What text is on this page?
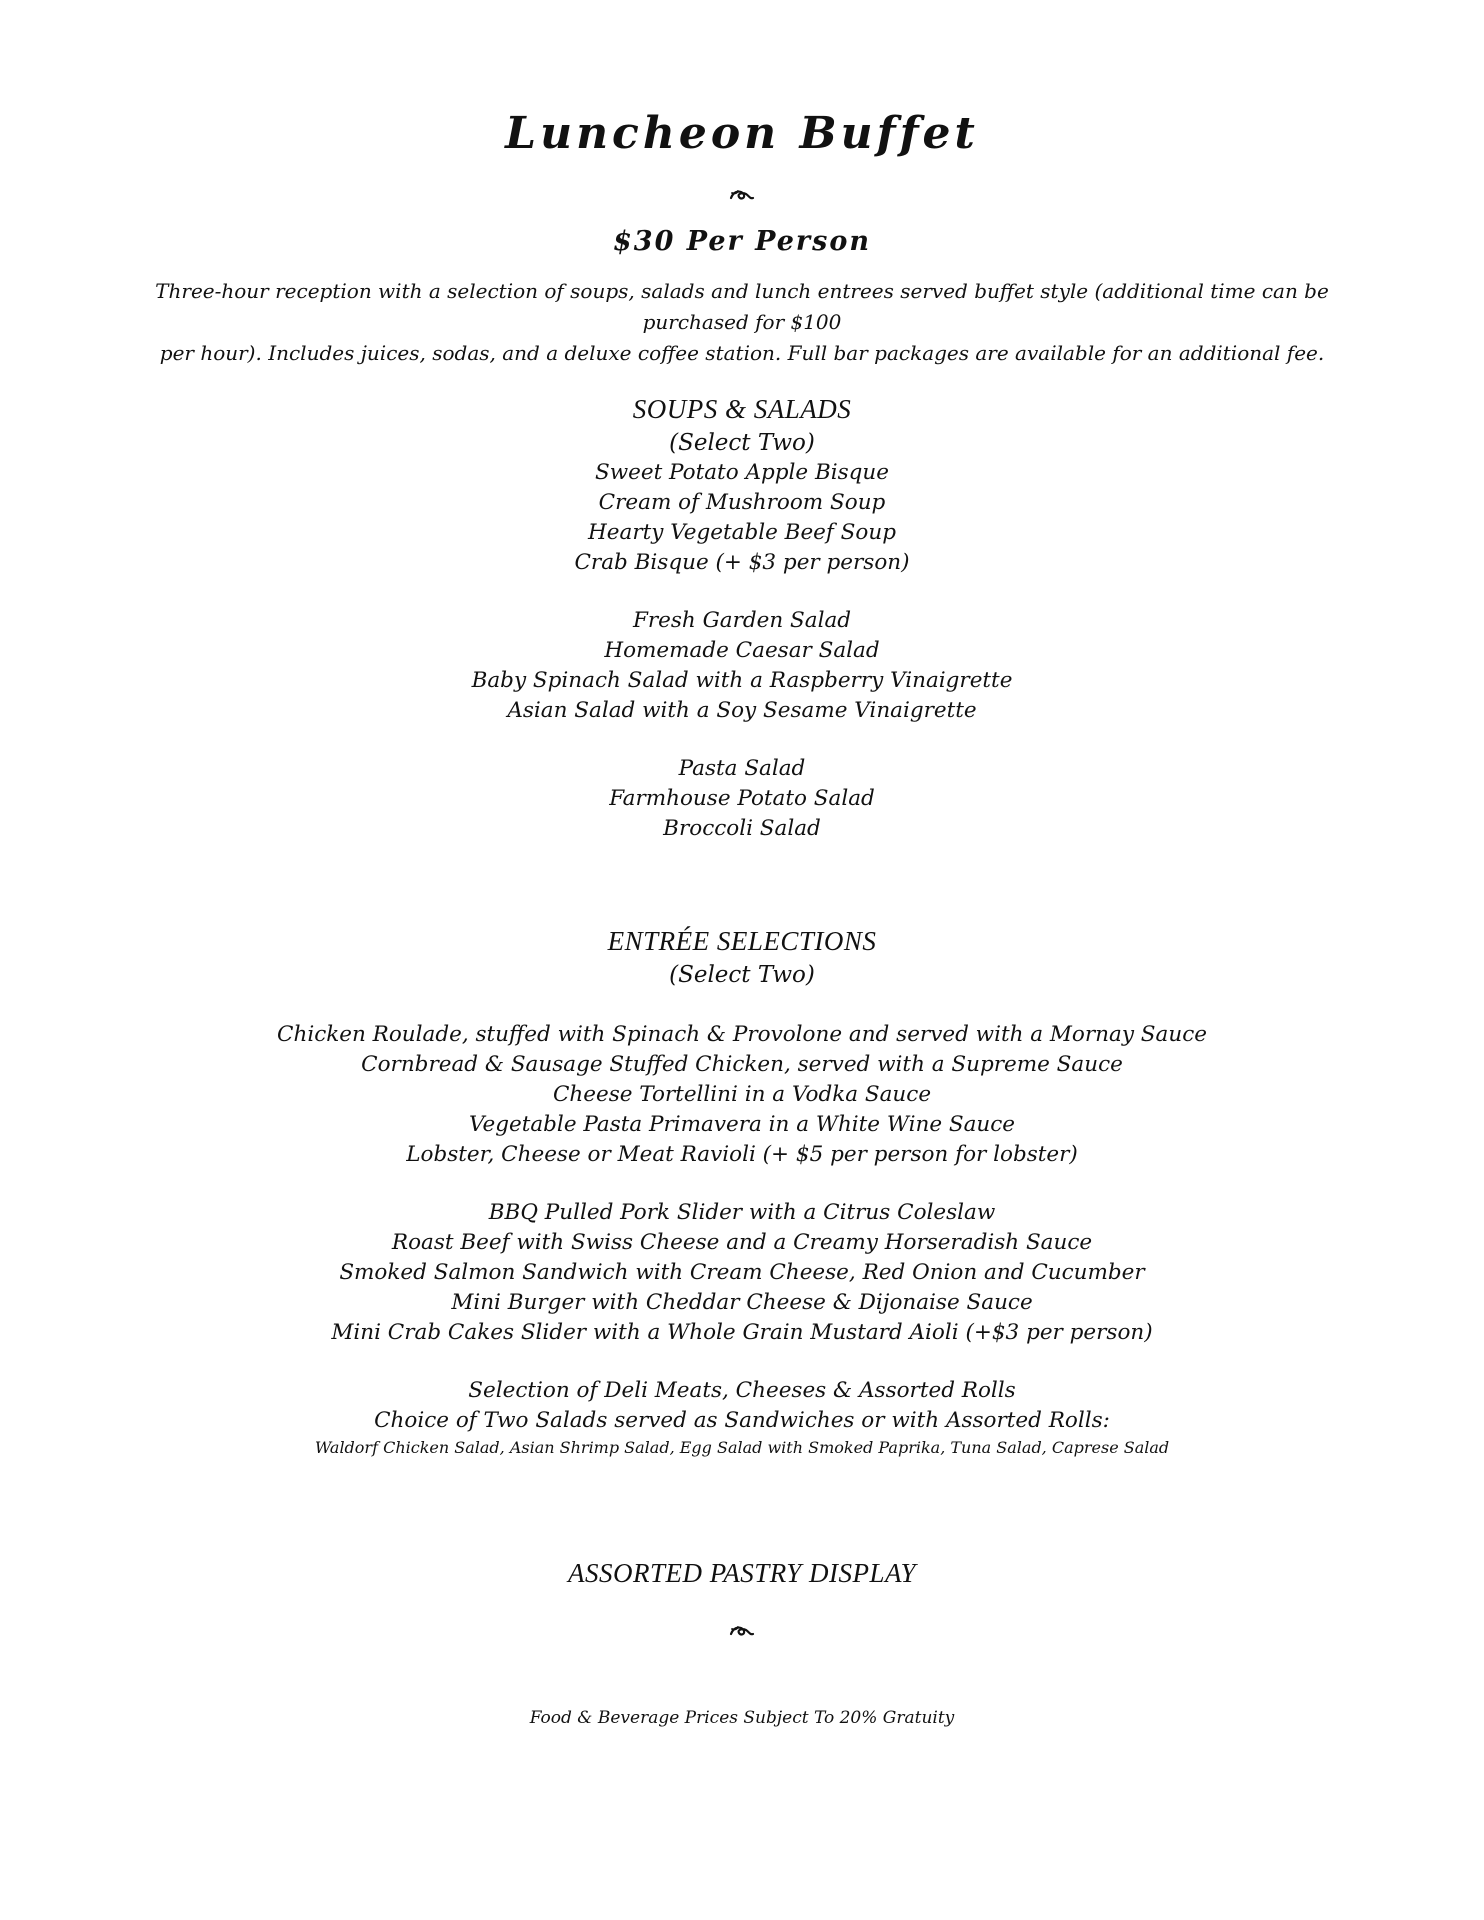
Luncheon Buffet
$30 Per Person
Three-hour reception with a selection of soups, salads and lunch entrees served buffet style (additional time can be purchased for $100
per hour). Includes juices, sodas, and a deluxe coffee station. Full bar packages are available for an additional fee.
SOUPS & SALADS
(Select Two)
Sweet Potato Apple Bisque
Cream of Mushroom Soup
Hearty Vegetable Beef Soup
Crab Bisque (+ $3 per person)
Fresh Garden Salad
Homemade Caesar Salad
Baby Spinach Salad with a Raspberry Vinaigrette
Asian Salad with a Soy Sesame Vinaigrette
Pasta Salad
Farmhouse Potato Salad
Broccoli Salad
ENTRÉE SELECTIONS
(Select Two)
Chicken Roulade, stuffed with Spinach & Provolone and served with a Mornay Sauce
Cornbread & Sausage Stuffed Chicken, served with a Supreme Sauce
Cheese Tortellini in a Vodka Sauce
Vegetable Pasta Primavera in a White Wine Sauce
Lobster, Cheese or Meat Ravioli (+ $5 per person for lobster)
BBQ Pulled Pork Slider with a Citrus Coleslaw
Roast Beef with Swiss Cheese and a Creamy Horseradish Sauce
Smoked Salmon Sandwich with Cream Cheese, Red Onion and Cucumber
Mini Burger with Cheddar Cheese & Dijonaise Sauce
Mini Crab Cakes Slider with a Whole Grain Mustard Aioli (+$3 per person)
Selection of Deli Meats, Cheeses & Assorted Rolls
Choice of Two Salads served as Sandwiches or with Assorted Rolls:
Waldorf Chicken Salad, Asian Shrimp Salad, Egg Salad with Smoked Paprika, Tuna Salad, Caprese Salad
ASSORTED PASTRY DISPLAY
Food & Beverage Prices Subject To 20% Gratuity
